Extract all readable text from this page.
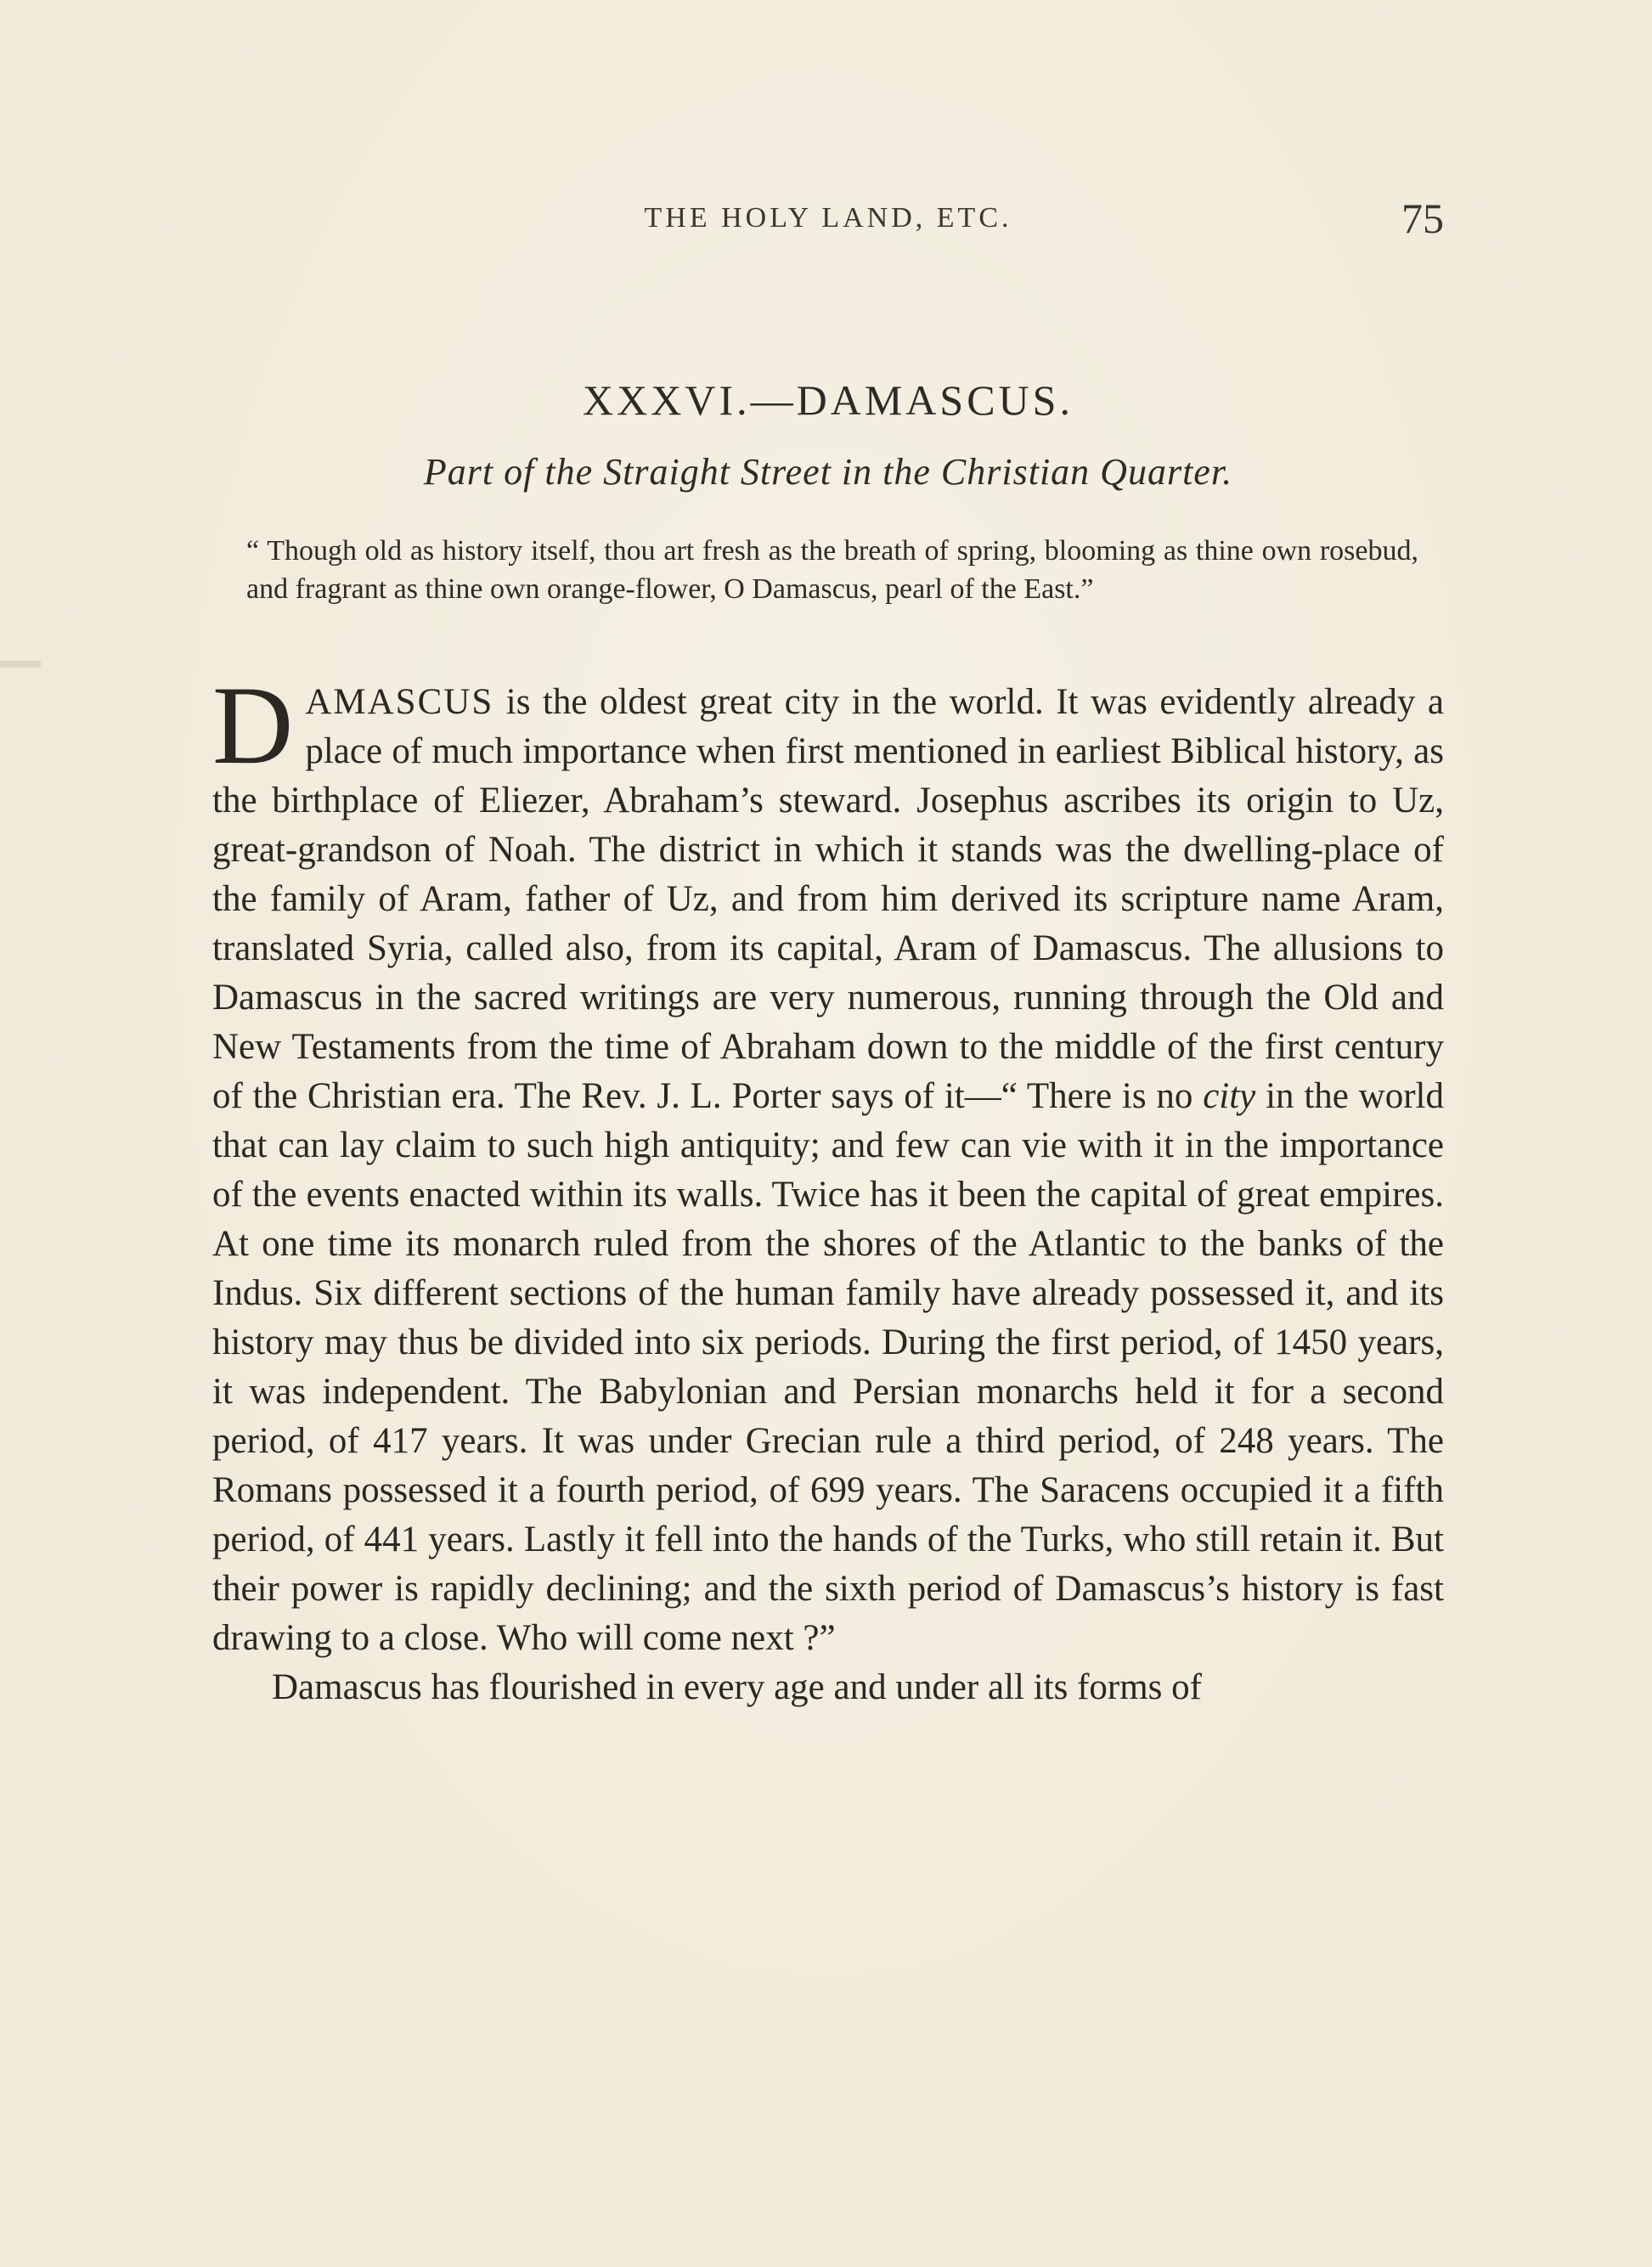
THE HOLY LAND, ETC.	75
XXXVI.—DAMASCUS.
Part of the Straight Street in the Christian Quarter.
“ Though old as history itself, thou art fresh as the breath of spring, blooming as thine own rosebud, and fragrant as thine own orange-flower, O Damascus, pearl of the East.”

DAMASCUS is the oldest great city in the world. It was evidently already a place of much importance when first mentioned in earliest Biblical history, as the birthplace of Eliezer, Abraham’s steward. Josephus ascribes its origin to Uz, great-grandson of Noah. The district in which it stands was the dwelling-place of the family of Aram, father of Uz, and from him derived its scripture name Aram, translated Syria, called also, from its capital, Aram of Damascus. The allusions to Damascus in the sacred writings are very numerous, running through the Old and New Testaments from the time of Abraham down to the middle of the first century of the Christian era. The Rev. J. L. Porter says of it—“ There is no city in the world that can lay claim to such high antiquity; and few can vie with it in the importance of the events enacted within its walls. Twice has it been the capital of great empires. At one time its monarch ruled from the shores of the Atlantic to the banks of the Indus. Six different sections of the human family have already possessed it, and its history may thus be divided into six periods. During the first period, of 1450 years, it was independent. The Babylonian and Persian monarchs held it for a second period, of 417 years. It was under Grecian rule a third period, of 248 years. The Romans possessed it a fourth period, of 699 years. The Saracens occupied it a fifth period, of 441 years. Lastly it fell into the hands of the Turks, who still retain it. But their power is rapidly declining; and the sixth period of Damascus’s history is fast drawing to a close. Who will come next ?”

Damascus has flourished in every age and under all its forms of
